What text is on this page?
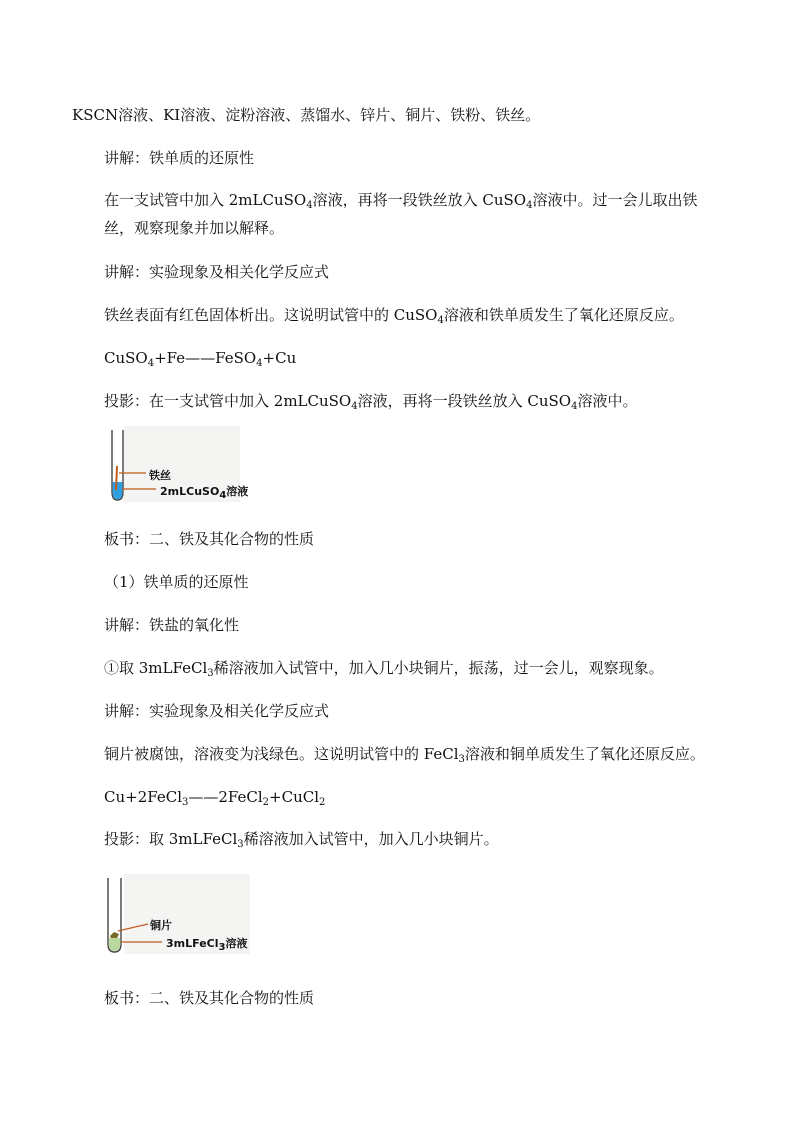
KSCN溶液、KI溶液、淀粉溶液、蒸馏水、锌片、铜片、铁粉、铁丝。
讲解：铁单质的还原性
在一支试管中加入 2mLCuSO$_4$溶液，再将一段铁丝放入 CuSO$_4$溶液中。过一会儿取出铁
丝，观察现象并加以解释。
讲解：实验现象及相关化学反应式
铁丝表面有红色固体析出。这说明试管中的 CuSO$_4$溶液和铁单质发生了氧化还原反应。
CuSO$_4$+Fe——FeSO$_4$+Cu
投影：在一支试管中加入 2mLCuSO$_4$溶液，再将一段铁丝放入 CuSO$_4$溶液中。
铁丝
2mLCuSO$_4$溶液
板书：二、铁及其化合物的性质
（1）铁单质的还原性
讲解：铁盐的氧化性
①取 3mLFeCl$_3$稀溶液加入试管中，加入几小块铜片，振荡，过一会儿，观察现象。
讲解：实验现象及相关化学反应式
铜片被腐蚀，溶液变为浅绿色。这说明试管中的 FeCl$_3$溶液和铜单质发生了氧化还原反应。
Cu+2FeCl$_3$——2FeCl$_2$+CuCl$_2$
投影：取 3mLFeCl$_3$稀溶液加入试管中，加入几小块铜片。
铜片
3mLFeCl$_3$溶液
板书：二、铁及其化合物的性质
